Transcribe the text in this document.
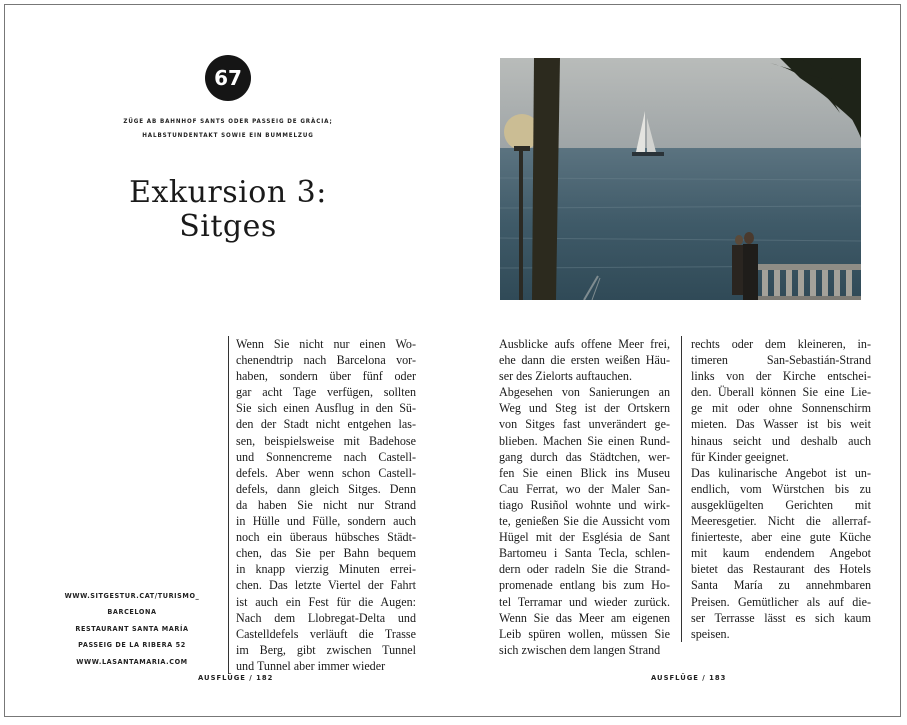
67
ZÜGE AB BAHNHOF SANTS ODER PASSEIG DE GRÀCIA;
HALBSTUNDENTAKT SOWIE EIN BUMMELZUG
Exkursion 3:
Sitges
Wenn Sie nicht nur einen Wo-
chenendtrip nach Barcelona vor-
haben, sondern über fünf oder
gar acht Tage verfügen, sollten
Sie sich einen Ausflug in den Sü-
den der Stadt nicht entgehen las-
sen, beispielsweise mit Badehose
und Sonnencreme nach Castell-
defels. Aber wenn schon Castell-
defels, dann gleich Sitges. Denn
da haben Sie nicht nur Strand
in Hülle und Fülle, sondern auch
noch ein überaus hübsches Städt-
chen, das Sie per Bahn bequem
in knapp vierzig Minuten errei-
chen. Das letzte Viertel der Fahrt
ist auch ein Fest für die Augen:
Nach dem Llobregat-Delta und
Castelldefels verläuft die Trasse
im Berg, gibt zwischen Tunnel
und Tunnel aber immer wieder
WWW.SITGESTUR.CAT/TURISMO_
BARCELONA
RESTAURANT SANTA MARÍA
PASSEIG DE LA RIBERA 52
WWW.LASANTAMARIA.COM
AUSFLÜGE / 182
Ausblicke aufs offene Meer frei,
ehe dann die ersten weißen Häu-
ser des Zielorts auftauchen.
Abgesehen von Sanierungen an
Weg und Steg ist der Ortskern
von Sitges fast unverändert ge-
blieben. Machen Sie einen Rund-
gang durch das Städtchen, wer-
fen Sie einen Blick ins Museu
Cau Ferrat, wo der Maler San-
tiago Rusiñol wohnte und wirk-
te, genießen Sie die Aussicht vom
Hügel mit der Església de Sant
Bartomeu i Santa Tecla, schlen-
dern oder radeln Sie die Strand-
promenade entlang bis zum Ho-
tel Terramar und wieder zurück.
Wenn Sie das Meer am eigenen
Leib spüren wollen, müssen Sie
sich zwischen dem langen Strand
rechts oder dem kleineren, in-
timeren San-Sebastián-Strand
links von der Kirche entschei-
den. Überall können Sie eine Lie-
ge mit oder ohne Sonnenschirm
mieten. Das Wasser ist bis weit
hinaus seicht und deshalb auch
für Kinder geeignet.
Das kulinarische Angebot ist un-
endlich, vom Würstchen bis zu
ausgeklügelten Gerichten mit
Meeresgetier. Nicht die allerraf-
finierteste, aber eine gute Küche
mit kaum endendem Angebot
bietet das Restaurant des Hotels
Santa María zu annehmbaren
Preisen. Gemütlicher als auf die-
ser Terrasse lässt es sich kaum
speisen.
AUSFLÜGE / 183
